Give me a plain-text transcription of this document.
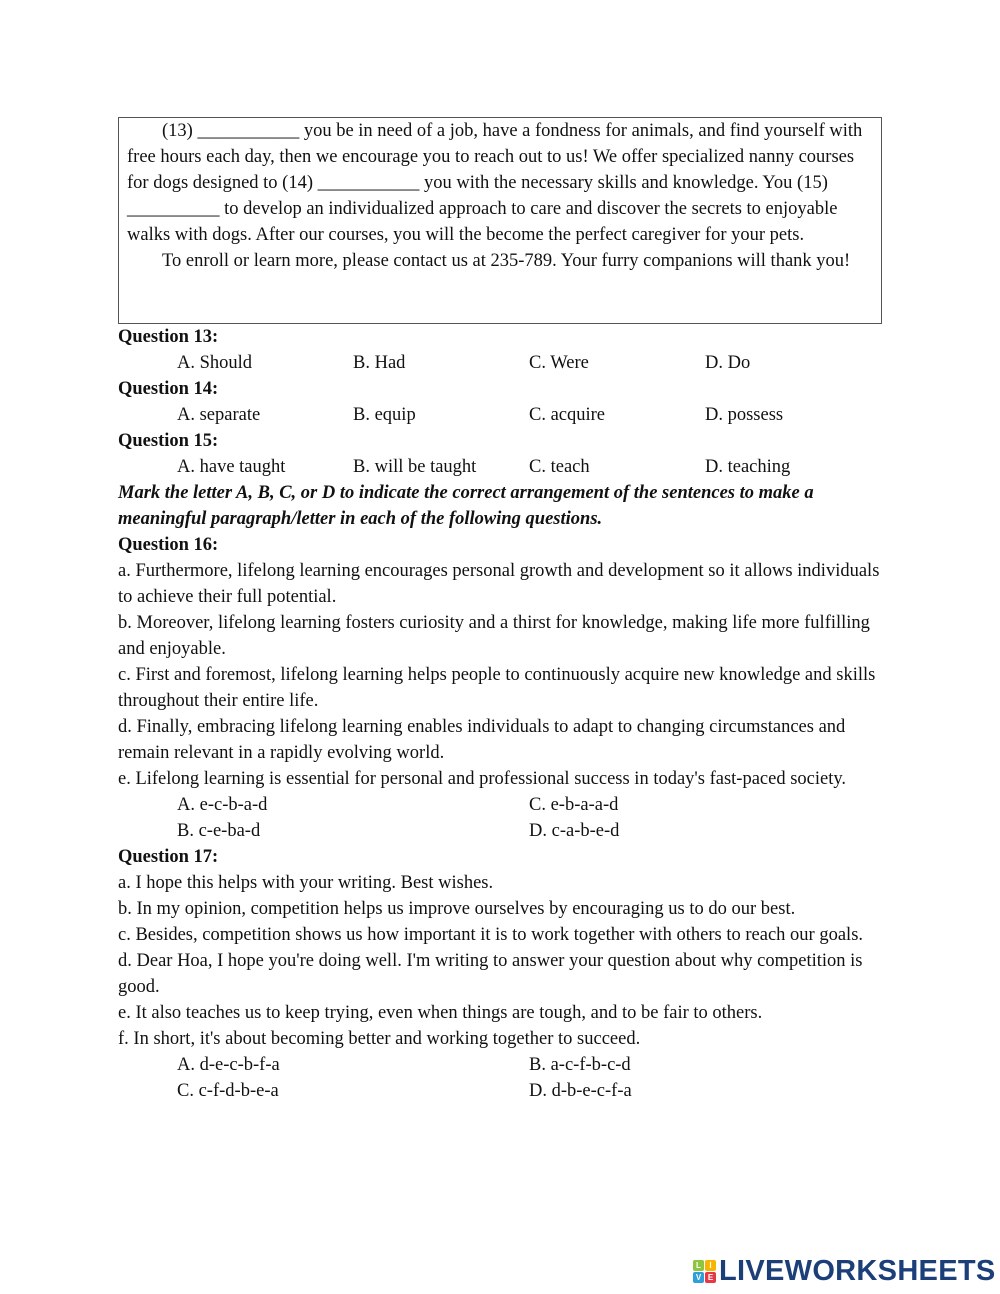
(13) ___________ you be in need of a job, have a fondness for animals, and find yourself with free hours each day, then we encourage you to reach out to us! We offer specialized nanny courses for dogs designed to (14) ___________ you with the necessary skills and knowledge. You (15) __________ to develop an individualized approach to care and discover the secrets to enjoyable walks with dogs. After our courses, you will the become the perfect caregiver for your pets.

To enroll or learn more, please contact us at 235-789. Your furry companions will thank you!

Question 13:

A. Should	B. Had	C. Were	D. Do

Question 14:

A. separate	B. equip	C. acquire	D. possess

Question 15:

A. have taught	B. will be taught	C. teach	D. teaching

Mark the letter A, B, C, or D to indicate the correct arrangement of the sentences to make a meaningful paragraph/letter in each of the following questions.

Question 16:

a. Furthermore, lifelong learning encourages personal growth and development so it allows individuals to achieve their full potential.

b. Moreover, lifelong learning fosters curiosity and a thirst for knowledge, making life more fulfilling and enjoyable.

c. First and foremost, lifelong learning helps people to continuously acquire new knowledge and skills throughout their entire life.

d. Finally, embracing lifelong learning enables individuals to adapt to changing circumstances and remain relevant in a rapidly evolving world.

e. Lifelong learning is essential for personal and professional success in today's fast-paced society.

A. e-c-b-a-d	C. e-b-a-a-d
B. c-e-ba-d	D. c-a-b-e-d

Question 17:

a. I hope this helps with your writing. Best wishes.

b. In my opinion, competition helps us improve ourselves by encouraging us to do our best.

c. Besides, competition shows us how important it is to work together with others to reach our goals.

d. Dear Hoa, I hope you're doing well. I'm writing to answer your question about why competition is good.

e. It also teaches us to keep trying, even when things are tough, and to be fair to others.

f. In short, it's about becoming better and working together to succeed.

A. d-e-c-b-f-a	B. a-c-f-b-c-d
C. c-f-d-b-e-a	D. d-b-e-c-f-a
L	I
V E LIVEWORKSHEETS
